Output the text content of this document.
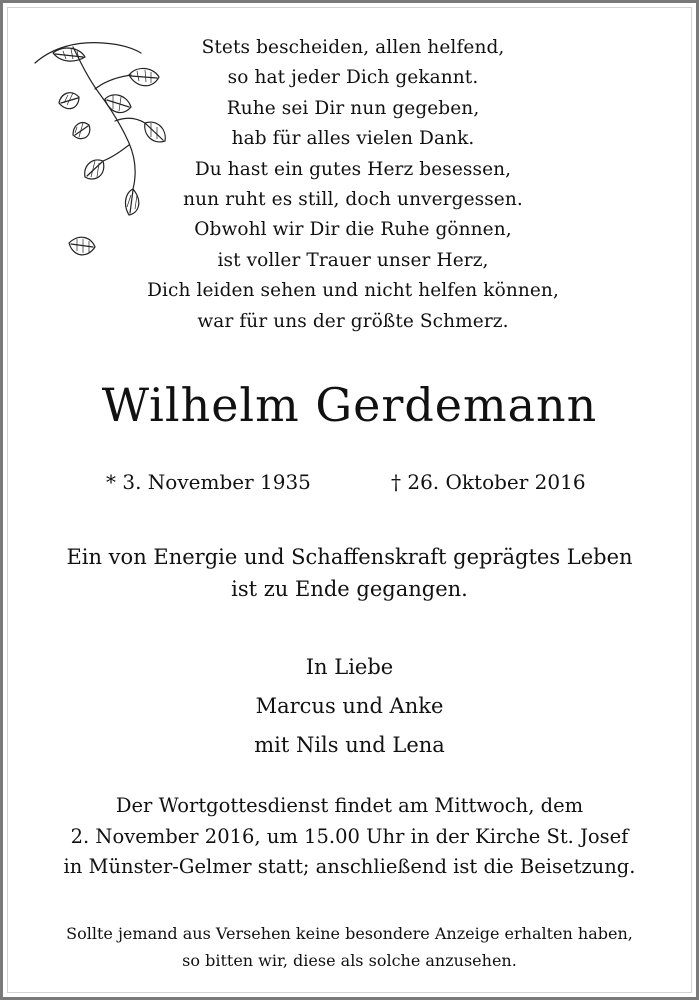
Stets bescheiden, allen helfend,
so hat jeder Dich gekannt.
Ruhe sei Dir nun gegeben,
hab für alles vielen Dank.
Du hast ein gutes Herz besessen,
nun ruht es still, doch unvergessen.
Obwohl wir Dir die Ruhe gönnen,
ist voller Trauer unser Herz,
Dich leiden sehen und nicht helfen können,
war für uns der größte Schmerz.
Wilhelm Gerdemann
* 3. November 1935	† 26. Oktober 2016
Ein von Energie und Schaffenskraft geprägtes Leben
ist zu Ende gegangen.
In Liebe
Marcus und Anke
mit Nils und Lena
Der Wortgottesdienst findet am Mittwoch, dem
2. November 2016, um 15.00 Uhr in der Kirche St. Josef
in Münster-Gelmer statt; anschließend ist die Beisetzung.
Sollte jemand aus Versehen keine besondere Anzeige erhalten haben,
so bitten wir, diese als solche anzusehen.
